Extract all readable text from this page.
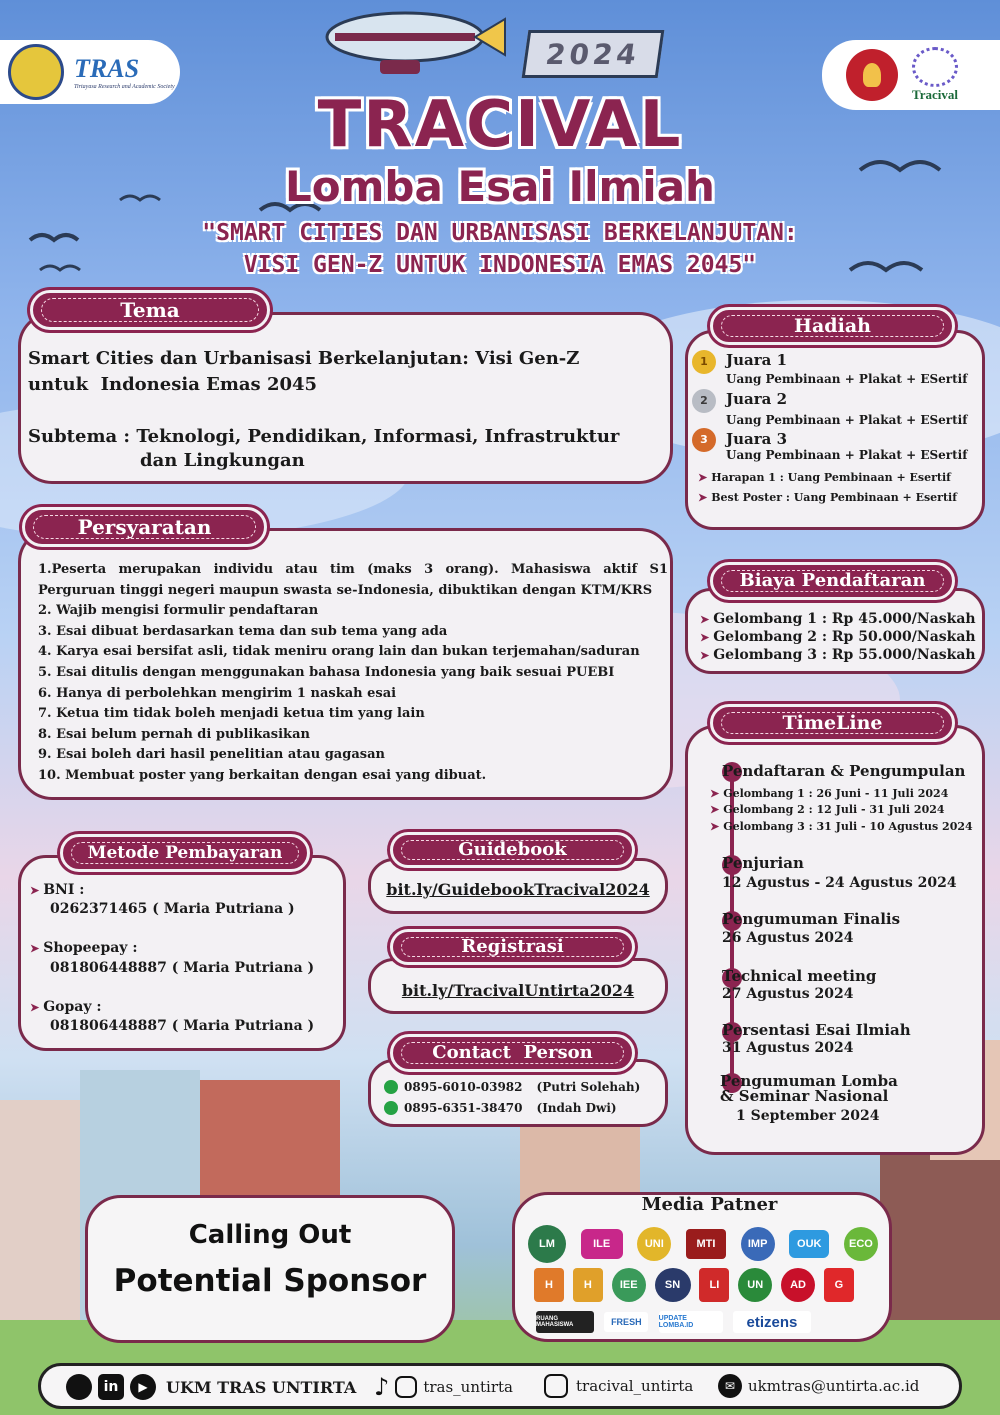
2024
TRAS
Tirtayasa Research and Academic Society	Tracival
TRACIVAL
Lomba Esai Ilmiah
"SMART CITIES DAN URBANISASI BERKELANJUTAN:
VISI GEN-Z UNTUK INDONESIA EMAS 2045"
Tema
Smart Cities dan Urbanisasi Berkelanjutan: Visi Gen-Z
untuk  Indonesia Emas 2045
Subtema : Teknologi, Pendidikan, Informasi, Infrastruktur
dan Lingkungan
Hadiah
1	Juara 1
Uang Pembinaan + Plakat + ESertif
2	Juara 2
Uang Pembinaan + Plakat + ESertif
3	Juara 3
Uang Pembinaan + Plakat + ESertif
➤ Harapan 1 : Uang Pembinaan + Esertif
➤ Best Poster : Uang Pembinaan + Esertif
Persyaratan
1.Peserta merupakan individu atau tim (maks 3 orang). Mahasiswa aktif S1
Perguruan tinggi negeri maupun swasta se-Indonesia, dibuktikan dengan KTM/KRS
2. Wajib mengisi formulir pendaftaran
3. Esai dibuat berdasarkan tema dan sub tema yang ada
4. Karya esai bersifat asli, tidak meniru orang lain dan bukan terjemahan/saduran
5. Esai ditulis dengan menggunakan bahasa Indonesia yang baik sesuai PUEBI
6. Hanya di perbolehkan mengirim 1 naskah esai
7. Ketua tim tidak boleh menjadi ketua tim yang lain
8. Esai belum pernah di publikasikan
9. Esai boleh dari hasil penelitian atau gagasan
10. Membuat poster yang berkaitan dengan esai yang dibuat.
Biaya Pendaftaran
➤ Gelombang 1 : Rp 45.000/Naskah
➤ Gelombang 2 : Rp 50.000/Naskah
➤ Gelombang 3 : Rp 55.000/Naskah
TimeLine
Pendaftaran & Pengumpulan
➤ Gelombang 1 : 26 Juni - 11 Juli 2024
➤ Gelombang 2 : 12 Juli - 31 Juli 2024
➤ Gelombang 3 : 31 Juli - 10 Agustus 2024
Penjurian
12 Agustus - 24 Agustus 2024
Pengumuman Finalis
26 Agustus 2024
Technical meeting
27 Agustus 2024
Persentasi Esai Ilmiah
31 Agustus 2024
Pengumuman Lomba
& Seminar Nasional
1 September 2024
Metode Pembayaran
➤ BNI :
0262371465 ( Maria Putriana )
➤ Shopeepay :
081806448887 ( Maria Putriana )
➤ Gopay :
081806448887 ( Maria Putriana )
Guidebook
bit.ly/GuidebookTracival2024
Registrasi
bit.ly/TracivalUntirta2024
Contact  Person
0895-6010-03982 (Putri Solehah)
0895-6351-38470 (Indah Dwi)
Calling Out
Potential Sponsor
Media Patner
LM	ILE	UNI	MTI	IMP	OUK	ECO
H	H	IEE	SN	LI	UN	AD	G
RUANG MAHASISWA	FRESH	UPDATE LOMBA.ID	etizens
in	▶	UKM TRAS UNTIRTA ♪ tras_untirta	tracival_untirta	✉ ukmtras@untirta.ac.id
